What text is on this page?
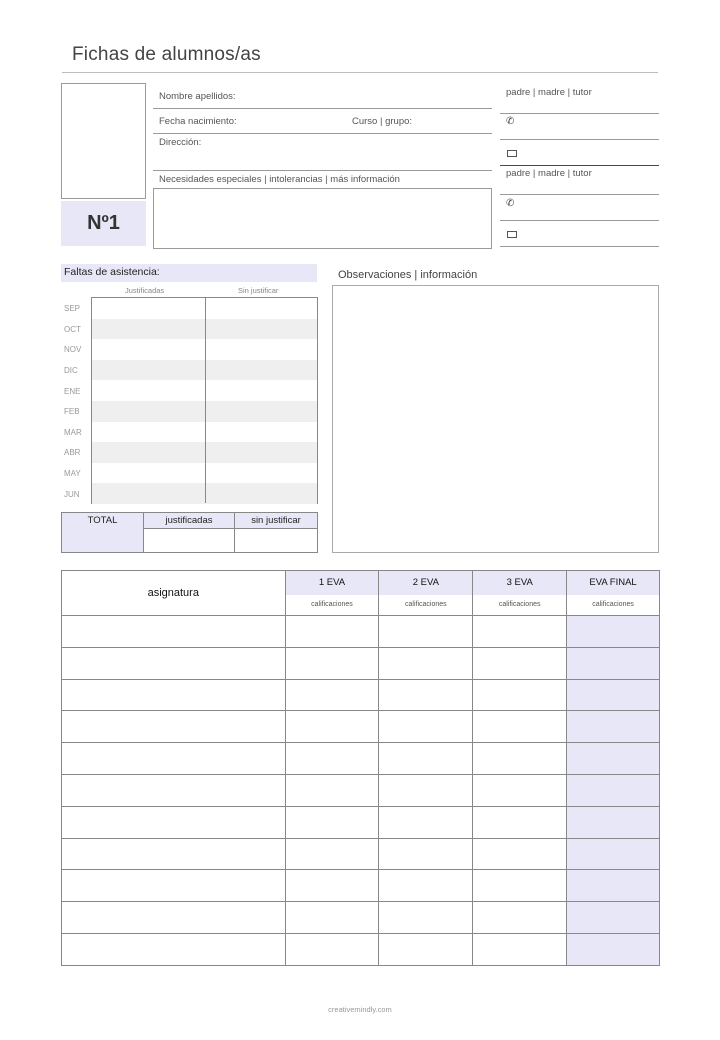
Fichas de alumnos/as
Nº1
Nombre apellidos:
Fecha nacimiento:	Curso | grupo:
Dirección:
Necesidades especiales | intolerancias | más información
padre | madre | tutor
✆
padre | madre | tutor
✆
Faltas de asistencia:
Justificadas	Sin justificar
SEP
OCT
NOV
DIC
ENE
FEB
MAR
ABR
MAY
JUN
TOTAL	justificadas	sin justificar
Observaciones | información
asignatura	1 EVA	2 EVA	3 EVA	EVA FINAL
	calificaciones	calificaciones	calificaciones	calificaciones

creativemindly.com
